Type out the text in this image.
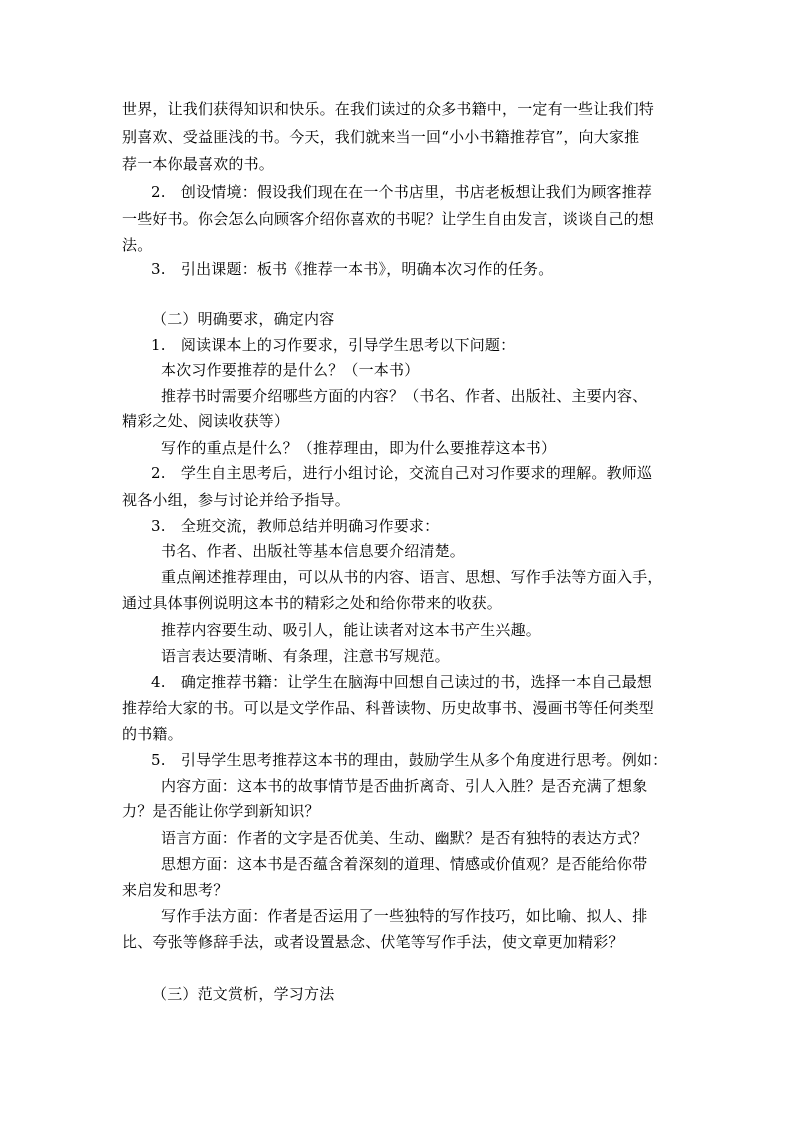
世界，让我们获得知识和快乐。在我们读过的众多书籍中，一定有一些让我们特
别喜欢、受益匪浅的书。今天，我们就来当一回“小小书籍推荐官”，向大家推
荐一本你最喜欢的书。
2.　创设情境：假设我们现在在一个书店里，书店老板想让我们为顾客推荐
一些好书。你会怎么向顾客介绍你喜欢的书呢？让学生自由发言，谈谈自己的想
法。
3.　引出课题：板书《推荐一本书》，明确本次习作的任务。
（二）明确要求，确定内容
1.　阅读课本上的习作要求，引导学生思考以下问题：
本次习作要推荐的是什么？（一本书）
推荐书时需要介绍哪些方面的内容？（书名、作者、出版社、主要内容、
精彩之处、阅读收获等）
写作的重点是什么？（推荐理由，即为什么要推荐这本书）
2.　学生自主思考后，进行小组讨论，交流自己对习作要求的理解。教师巡
视各小组，参与讨论并给予指导。
3.　全班交流，教师总结并明确习作要求：
书名、作者、出版社等基本信息要介绍清楚。
重点阐述推荐理由，可以从书的内容、语言、思想、写作手法等方面入手，
通过具体事例说明这本书的精彩之处和给你带来的收获。
推荐内容要生动、吸引人，能让读者对这本书产生兴趣。
语言表达要清晰、有条理，注意书写规范。
4.　确定推荐书籍：让学生在脑海中回想自己读过的书，选择一本自己最想
推荐给大家的书。可以是文学作品、科普读物、历史故事书、漫画书等任何类型
的书籍。
5.　引导学生思考推荐这本书的理由，鼓励学生从多个角度进行思考。例如：
内容方面：这本书的故事情节是否曲折离奇、引人入胜？是否充满了想象
力？是否能让你学到新知识？
语言方面：作者的文字是否优美、生动、幽默？是否有独特的表达方式？
思想方面：这本书是否蕴含着深刻的道理、情感或价值观？是否能给你带
来启发和思考？
写作手法方面：作者是否运用了一些独特的写作技巧，如比喻、拟人、排
比、夸张等修辞手法，或者设置悬念、伏笔等写作手法，使文章更加精彩？
（三）范文赏析，学习方法
